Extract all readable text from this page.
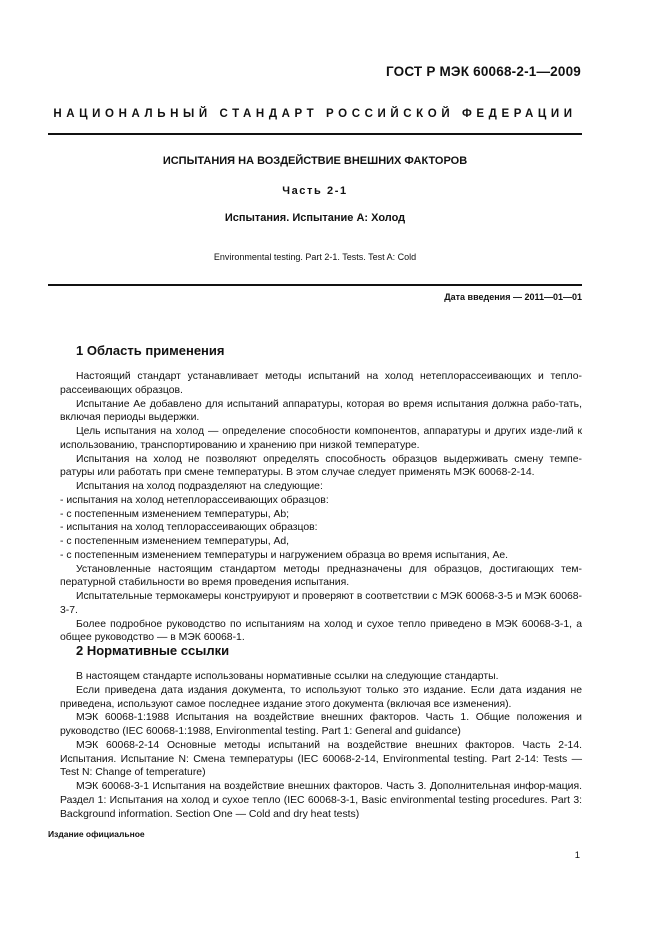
ГОСТ Р МЭК 60068-2-1—2009
НАЦИОНАЛЬНЫЙ СТАНДАРТ РОССИЙСКОЙ ФЕДЕРАЦИИ
ИСПЫТАНИЯ НА ВОЗДЕЙСТВИЕ ВНЕШНИХ ФАКТОРОВ
Часть 2-1
Испытания. Испытание А: Холод
Environmental testing. Part 2-1. Tests. Test A: Cold
Дата введения — 2011—01—01
1 Область применения

Настоящий стандарт устанавливает методы испытаний на холод нетеплорассеивающих и тепло-рассеивающих образцов.

Испытание Ае добавлено для испытаний аппаратуры, которая во время испытания должна рабо-тать, включая периоды выдержки.

Цель испытания на холод — определение способности компонентов, аппаратуры и других изде-лий к использованию, транспортированию и хранению при низкой температуре.

Испытания на холод не позволяют определять способность образцов выдерживать смену темпе-ратуры или работать при смене температуры. В этом случае следует применять МЭК 60068-2-14.

Испытания на холод подразделяют на следующие:

- испытания на холод нетеплорассеивающих образцов:

- с постепенным изменением температуры, Ab;

- испытания на холод теплорассеивающих образцов:

- с постепенным изменением температуры, Ad,

- с постепенным изменением температуры и нагружением образца во время испытания, Ae.

Установленные настоящим стандартом методы предназначены для образцов, достигающих тем-пературной стабильности во время проведения испытания.

Испытательные термокамеры конструируют и проверяют в соответствии с МЭК 60068-3-5 и МЭК 60068-3-7.

Более подробное руководство по испытаниям на холод и сухое тепло приведено в МЭК 60068-3-1, а общее руководство — в МЭК 60068-1.

2 Нормативные ссылки

В настоящем стандарте использованы нормативные ссылки на следующие стандарты.

Если приведена дата издания документа, то используют только это издание. Если дата издания не приведена, используют самое последнее издание этого документа (включая все изменения).

МЭК 60068-1:1988 Испытания на воздействие внешних факторов. Часть 1. Общие положения и руководство (IEC 60068-1:1988, Environmental testing. Part 1: General and guidance)

МЭК 60068-2-14 Основные методы испытаний на воздействие внешних факторов. Часть 2-14. Испытания. Испытание N: Смена температуры (IEC 60068-2-14, Environmental testing. Part 2-14: Tests — Test N: Change of temperature)

МЭК 60068-3-1 Испытания на воздействие внешних факторов. Часть 3. Дополнительная инфор-мация. Раздел 1: Испытания на холод и сухое тепло (IEC 60068-3-1, Basic environmental testing procedures. Part 3: Background information. Section One — Cold and dry heat tests)

Издание официальное
1
